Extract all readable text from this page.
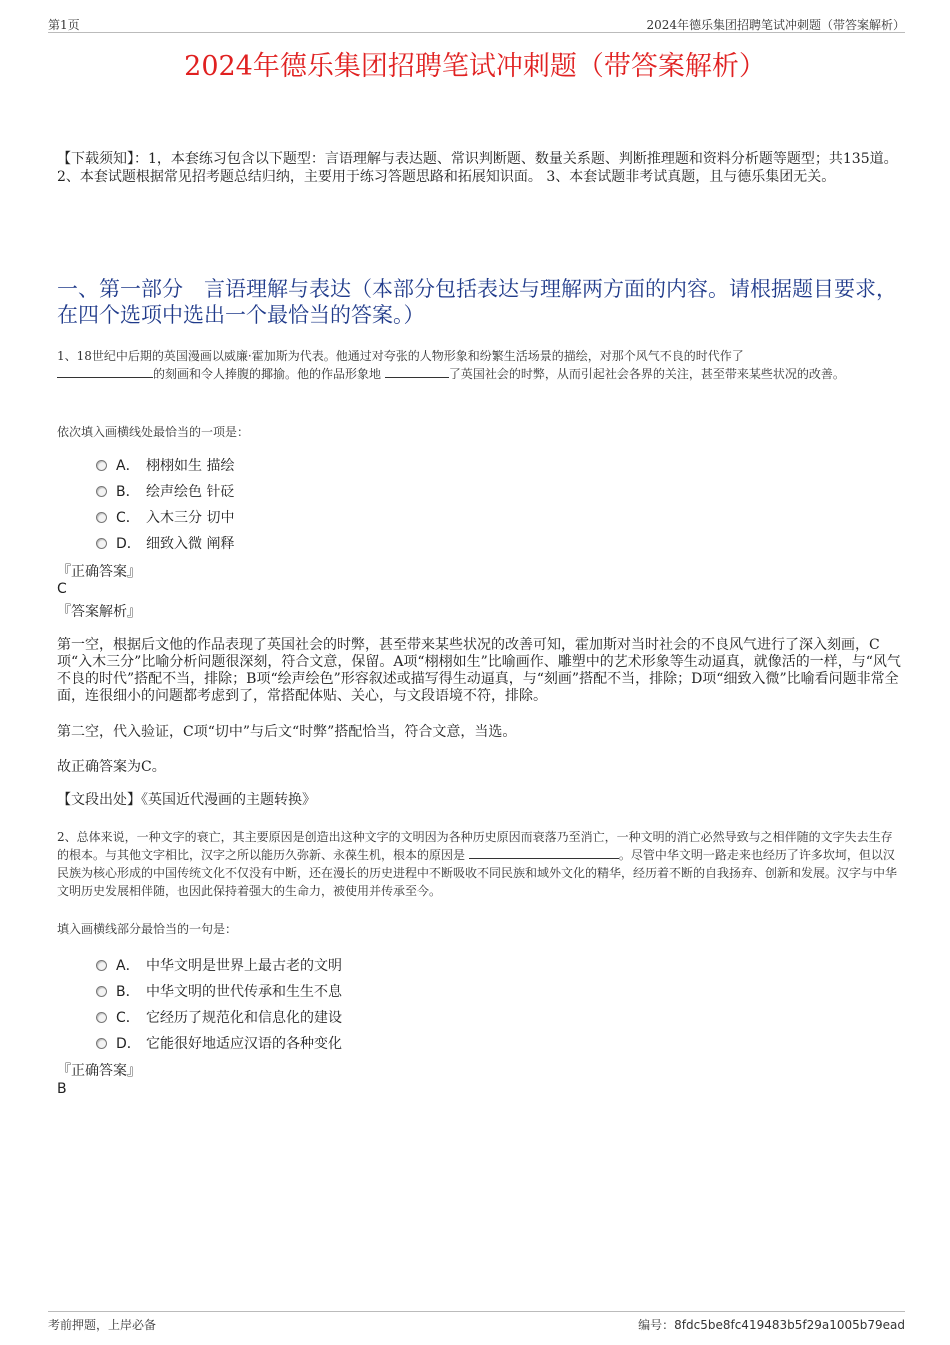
第1页	2024年德乐集团招聘笔试冲刺题（带答案解析）
2024年德乐集团招聘笔试冲刺题（带答案解析）
【下载须知】：1，本套练习包含以下题型：言语理解与表达题、常识判断题、数量关系题、判断推理题和资料分析题等题型；共135道。 2、本套试题根据常见招考题总结归纳，主要用于练习答题思路和拓展知识面。 3、本套试题非考试真题，且与德乐集团无关。
一、第一部分　言语理解与表达（本部分包括表达与理解两方面的内容。请根据题目要求，在四个选项中选出一个最恰当的答案。）
1、18世纪中后期的英国漫画以威廉·霍加斯为代表。他通过对夸张的人物形象和纷繁生活场景的描绘，对那个风气不良的时代作了
的刻画和令人捧腹的揶揄。他的作品形象地	了英国社会的时弊，从而引起社会各界的关注，甚至带来某些状况的改善。
依次填入画横线处最恰当的一项是：
A． 栩栩如生 描绘
B． 绘声绘色 针砭
C． 入木三分 切中
D． 细致入微 阐释
『正确答案』
C
『答案解析』
第一空，根据后文他的作品表现了英国社会的时弊，甚至带来某些状况的改善可知，霍加斯对当时社会的不良风气进行了深入刻画，C项“入木三分”比喻分析问题很深刻，符合文意，保留。A项“栩栩如生”比喻画作、雕塑中的艺术形象等生动逼真，就像活的一样，与“风气不良的时代”搭配不当，排除；B项“绘声绘色”形容叙述或描写得生动逼真，与“刻画”搭配不当，排除；D项“细致入微”比喻看问题非常全面，连很细小的问题都考虑到了，常搭配体贴、关心，与文段语境不符，排除。
第二空，代入验证，C项“切中”与后文“时弊”搭配恰当，符合文意，当选。
故正确答案为C。
【文段出处】《英国近代漫画的主题转换》
2、总体来说，一种文字的衰亡，其主要原因是创造出这种文字的文明因为各种历史原因而衰落乃至消亡，一种文明的消亡必然导致与之相伴随的文字失去生存的根本。与其他文字相比，汉字之所以能历久弥新、永葆生机，根本的原因是	。尽管中华文明一路走来也经历了许多坎坷，但以汉民族为核心形成的中国传统文化不仅没有中断，还在漫长的历史进程中不断吸收不同民族和域外文化的精华，经历着不断的自我扬弃、创新和发展。汉字与中华文明历史发展相伴随，也因此保持着强大的生命力，被使用并传承至今。
填入画横线部分最恰当的一句是：
A． 中华文明是世界上最古老的文明
B． 中华文明的世代传承和生生不息
C． 它经历了规范化和信息化的建设
D． 它能很好地适应汉语的各种变化
『正确答案』
B
考前押题，上岸必备	编号：8fdc5be8fc419483b5f29a1005b79ead
